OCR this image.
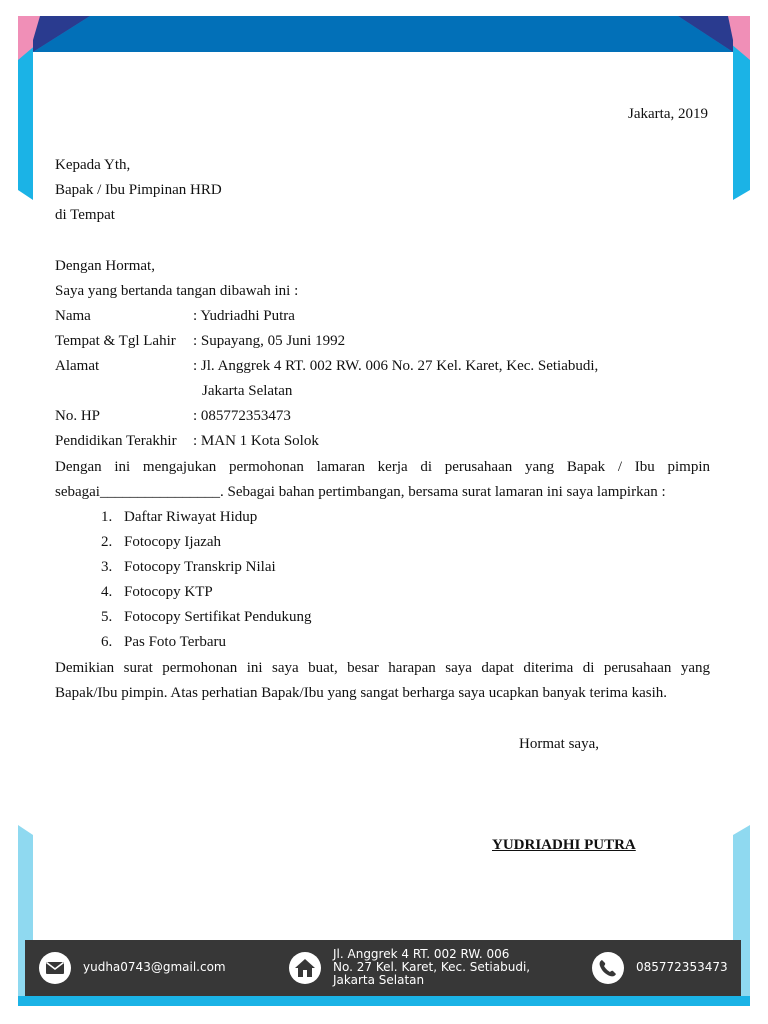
Jakarta, 2019
Kepada Yth,
Bapak / Ibu Pimpinan HRD
di Tempat
Dengan Hormat,
Saya yang bertanda tangan dibawah ini :
Nama	: Yudriadhi Putra
Tempat & Tgl Lahir : Supayang, 05 Juni 1992
Alamat	: Jl. Anggrek 4 RT. 002 RW. 006 No. 27 Kel. Karet, Kec. Setiabudi,
Jakarta Selatan
No. HP	: 085772353473
Pendidikan Terakhir : MAN 1 Kota Solok
Dengan ini mengajukan permohonan lamaran kerja di perusahaan yang Bapak / Ibu pimpin
sebagai________________. Sebagai bahan pertimbangan, bersama surat lamaran ini saya lampirkan :
1. Daftar Riwayat Hidup
2. Fotocopy Ijazah
3. Fotocopy Transkrip Nilai
4. Fotocopy KTP
5. Fotocopy Sertifikat Pendukung
6. Pas Foto Terbaru
Demikian surat permohonan ini saya buat, besar harapan saya dapat diterima di perusahaan yang
Bapak/Ibu pimpin. Atas perhatian Bapak/Ibu yang sangat berharga saya ucapkan banyak terima kasih.
Hormat saya,
YUDRIADHI PUTRA
yudha0743@gmail.com
Jl. Anggrek 4 RT. 002 RW. 006
No. 27 Kel. Karet, Kec. Setiabudi,
Jakarta Selatan
085772353473
